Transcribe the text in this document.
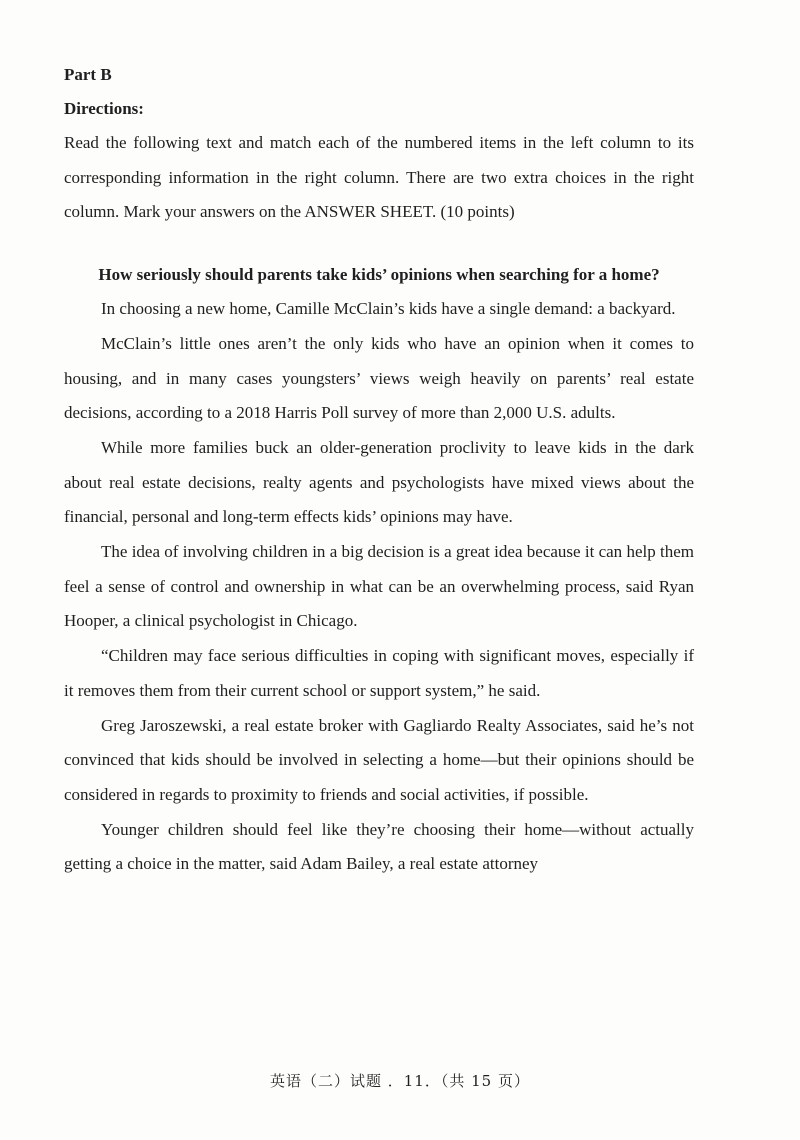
Part B

Directions:

Read the following text and match each of the numbered items in the left column to its corresponding information in the right column. There are two extra choices in the right column. Mark your answers on the ANSWER SHEET. (10 points)

How seriously should parents take kids’ opinions when searching for a home?

In choosing a new home, Camille McClain’s kids have a single demand: a backyard.

McClain’s little ones aren’t the only kids who have an opinion when it comes to housing, and in many cases youngsters’ views weigh heavily on parents’ real estate decisions, according to a 2018 Harris Poll survey of more than 2,000 U.S. adults.

While more families buck an older-generation proclivity to leave kids in the dark about real estate decisions, realty agents and psychologists have mixed views about the financial, personal and long-term effects kids’ opinions may have.

The idea of involving children in a big decision is a great idea because it can help them feel a sense of control and ownership in what can be an overwhelming process, said Ryan Hooper, a clinical psychologist in Chicago.

“Children may face serious difficulties in coping with significant moves, especially if it removes them from their current school or support system,” he said.

Greg Jaroszewski, a real estate broker with Gagliardo Realty Associates, said he’s not convinced that kids should be involved in selecting a home—but their opinions should be considered in regards to proximity to friends and social activities, if possible.

Younger children should feel like they’re choosing their home—without actually getting a choice in the matter, said Adam Bailey, a real estate attorney

英语（二）试题 ．11．（共 15 页）
